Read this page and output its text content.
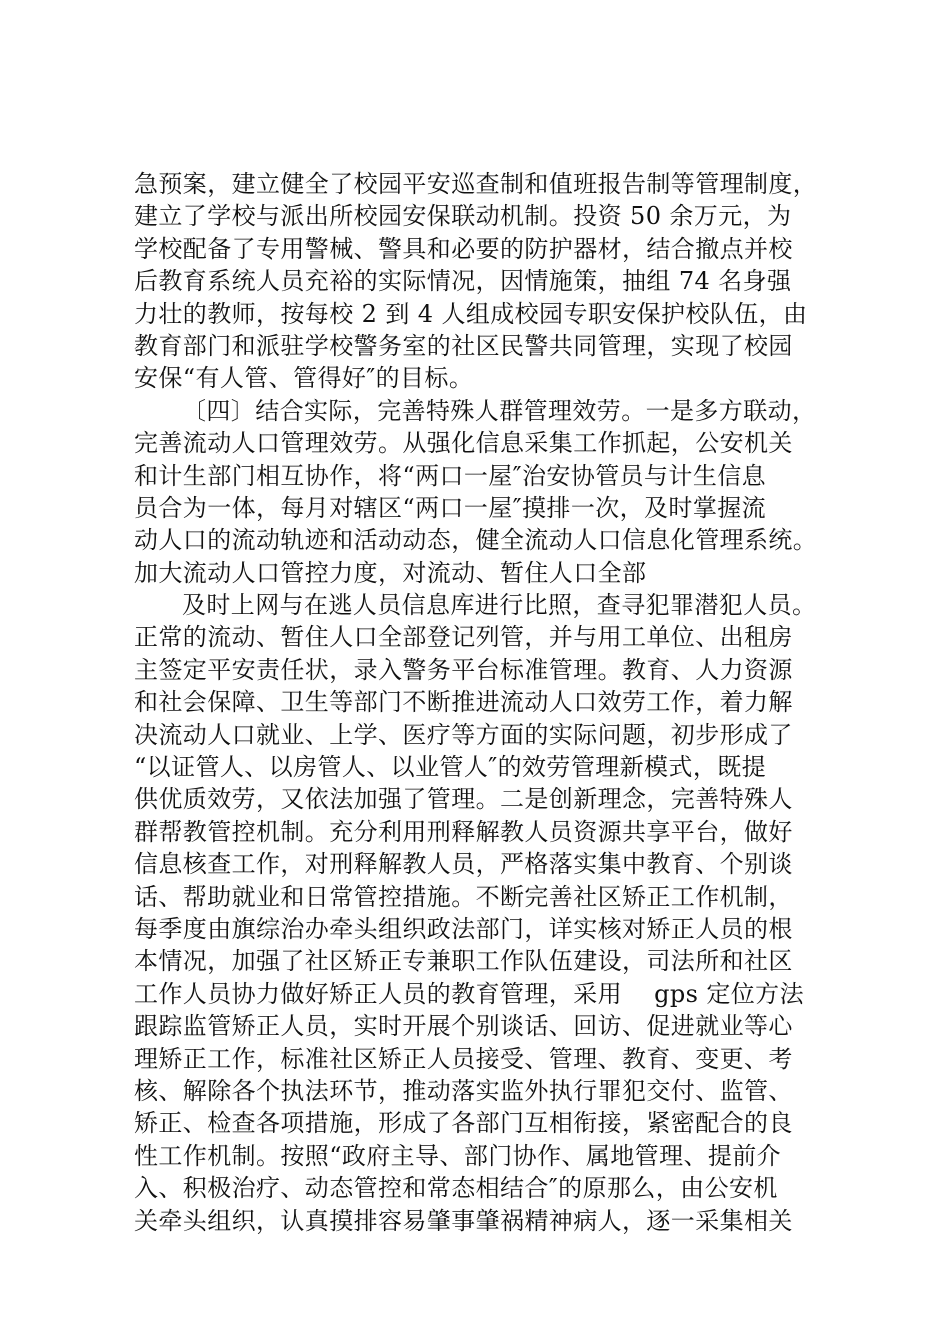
急预案，建立健全了校园平安巡查制和值班报告制等管理制度，
建立了学校与派出所校园安保联动机制。投资 50 余万元，为
学校配备了专用警械、警具和必要的防护器材，结合撤点并校
后教育系统人员充裕的实际情况，因情施策，抽组 74 名身强
力壮的教师，按每校 2 到 4 人组成校园专职安保护校队伍，由
教育部门和派驻学校警务室的社区民警共同管理，实现了校园
安保“有人管、管得好″的目标。
〔四〕结合实际，完善特殊人群管理效劳。一是多方联动，
完善流动人口管理效劳。从强化信息采集工作抓起，公安机关
和计生部门相互协作，将“两口一屋″治安协管员与计生信息
员合为一体，每月对辖区“两口一屋″摸排一次，及时掌握流
动人口的流动轨迹和活动动态，健全流动人口信息化管理系统。
加大流动人口管控力度，对流动、暂住人口全部
及时上网与在逃人员信息库进行比照，查寻犯罪潜犯人员。
正常的流动、暂住人口全部登记列管，并与用工单位、出租房
主签定平安责任状，录入警务平台标准管理。教育、人力资源
和社会保障、卫生等部门不断推进流动人口效劳工作，着力解
决流动人口就业、上学、医疗等方面的实际问题，初步形成了
“以证管人、以房管人、以业管人″的效劳管理新模式，既提
供优质效劳，又依法加强了管理。二是创新理念，完善特殊人
群帮教管控机制。充分利用刑释解教人员资源共享平台，做好
信息核查工作，对刑释解教人员，严格落实集中教育、个别谈
话、帮助就业和日常管控措施。不断完善社区矫正工作机制，
每季度由旗综治办牵头组织政法部门，详实核对矫正人员的根
本情况，加强了社区矫正专兼职工作队伍建设，司法所和社区
工作人员协力做好矫正人员的教育管理，采用    gps 定位方法
跟踪监管矫正人员，实时开展个别谈话、回访、促进就业等心
理矫正工作，标准社区矫正人员接受、管理、教育、变更、考
核、解除各个执法环节，推动落实监外执行罪犯交付、监管、
矫正、检查各项措施，形成了各部门互相衔接，紧密配合的良
性工作机制。按照“政府主导、部门协作、属地管理、提前介
入、积极治疗、动态管控和常态相结合″的原那么，由公安机
关牵头组织，认真摸排容易肇事肇祸精神病人，逐一采集相关
